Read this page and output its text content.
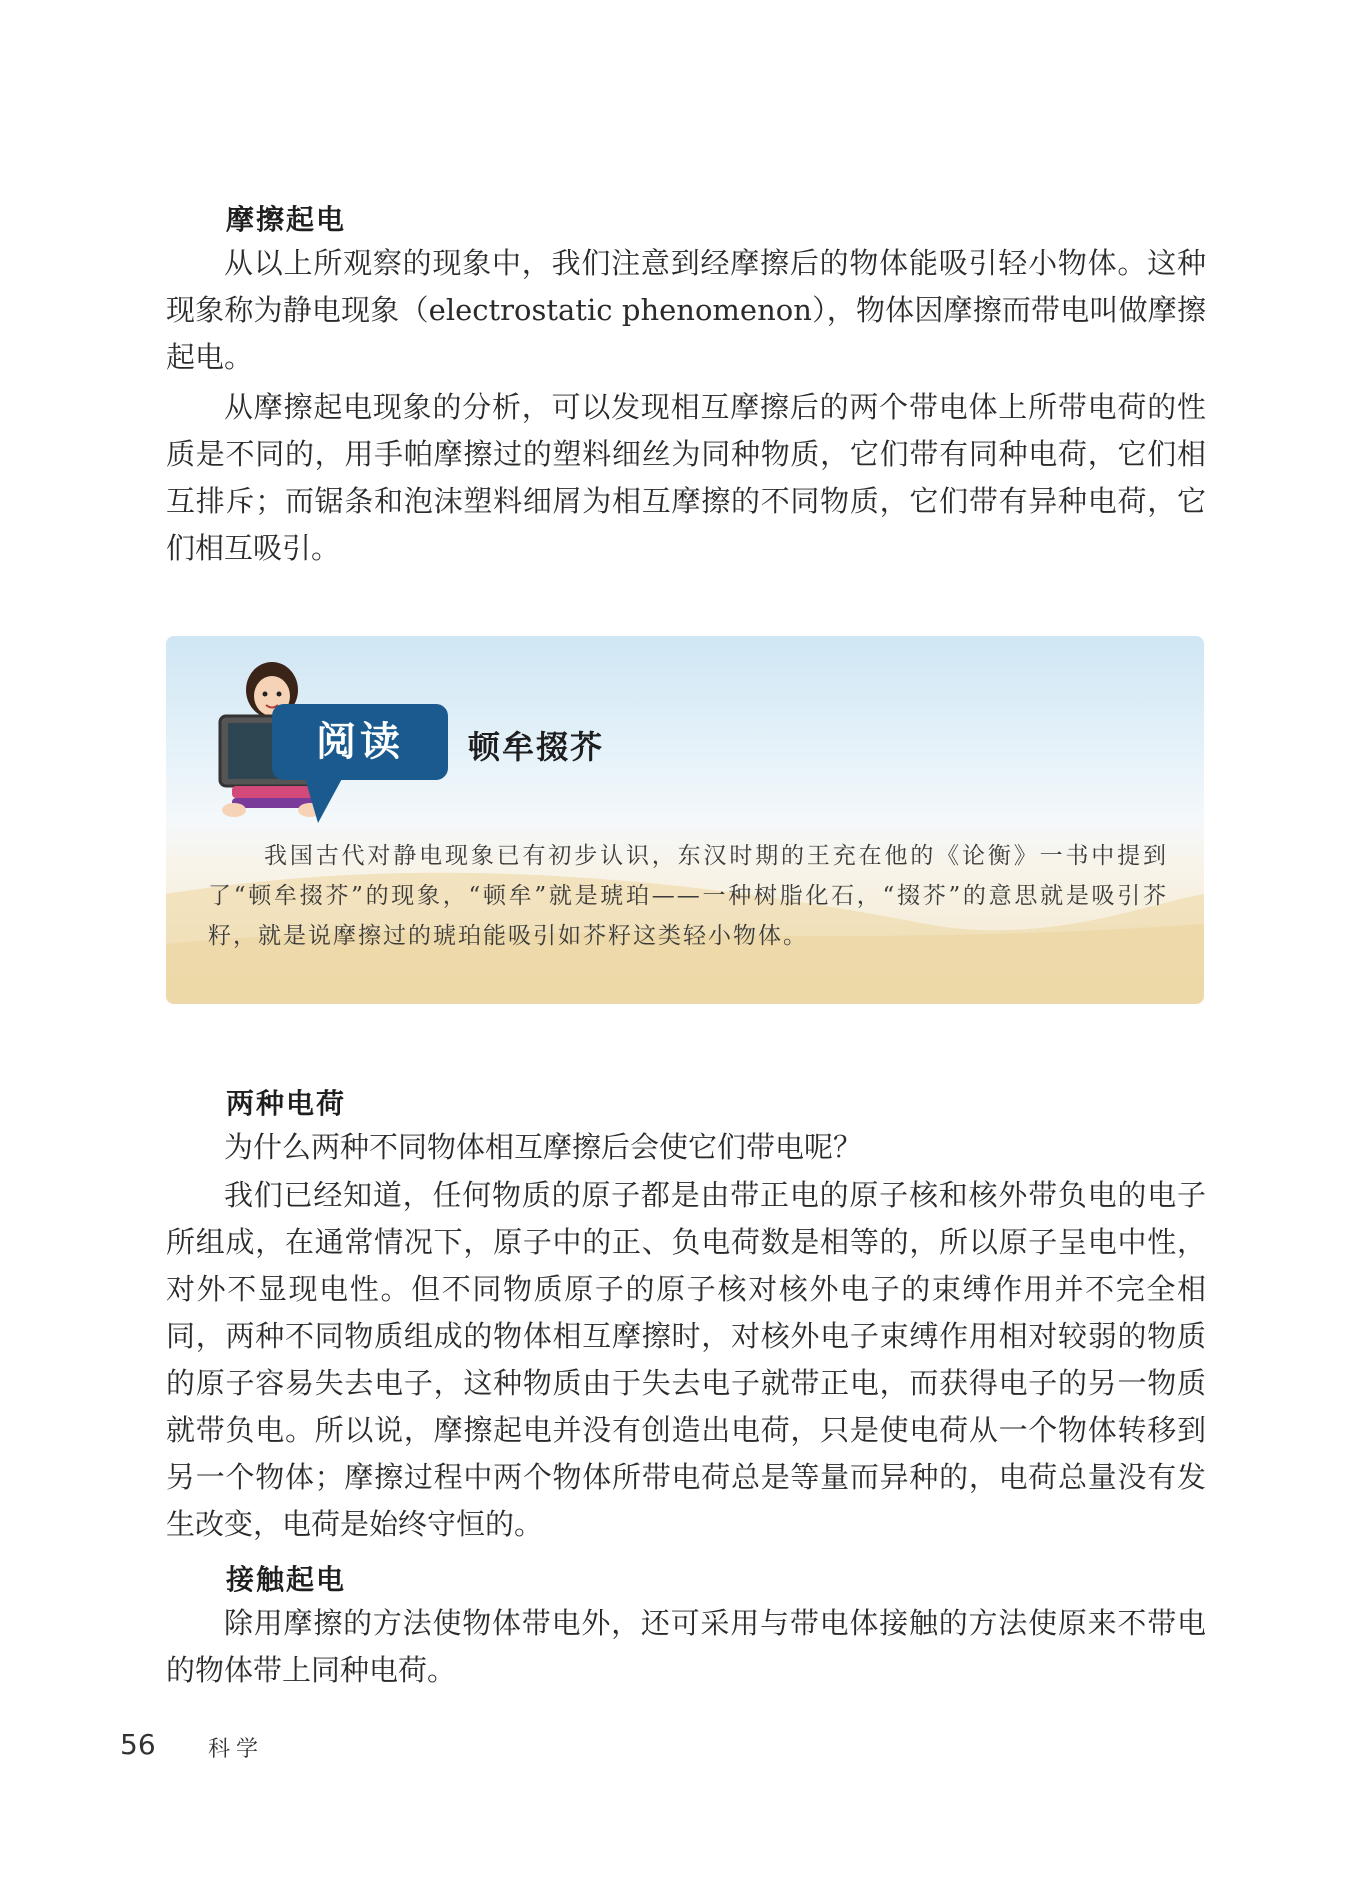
摩擦起电

从以上所观察的现象中，我们注意到经摩擦后的物体能吸引轻小物体。这种现象称为静电现象（electrostatic phenomenon），物体因摩擦而带电叫做摩擦起电。

从摩擦起电现象的分析，可以发现相互摩擦后的两个带电体上所带电荷的性质是不同的，用手帕摩擦过的塑料细丝为同种物质，它们带有同种电荷，它们相互排斥；而锯条和泡沫塑料细屑为相互摩擦的不同物质，它们带有异种电荷，它们相互吸引。

阅读	顿牟掇芥

我国古代对静电现象已有初步认识，东汉时期的王充在他的《论衡》一书中提到了“顿牟掇芥”的现象，“顿牟”就是琥珀——一种树脂化石，“掇芥”的意思就是吸引芥籽，就是说摩擦过的琥珀能吸引如芥籽这类轻小物体。

两种电荷

为什么两种不同物体相互摩擦后会使它们带电呢？

我们已经知道，任何物质的原子都是由带正电的原子核和核外带负电的电子所组成，在通常情况下，原子中的正、负电荷数是相等的，所以原子呈电中性，对外不显现电性。但不同物质原子的原子核对核外电子的束缚作用并不完全相同，两种不同物质组成的物体相互摩擦时，对核外电子束缚作用相对较弱的物质的原子容易失去电子，这种物质由于失去电子就带正电，而获得电子的另一物质就带负电。所以说，摩擦起电并没有创造出电荷，只是使电荷从一个物体转移到另一个物体；摩擦过程中两个物体所带电荷总是等量而异种的，电荷总量没有发生改变，电荷是始终守恒的。

接触起电

除用摩擦的方法使物体带电外，还可采用与带电体接触的方法使原来不带电的物体带上同种电荷。

56 科学
